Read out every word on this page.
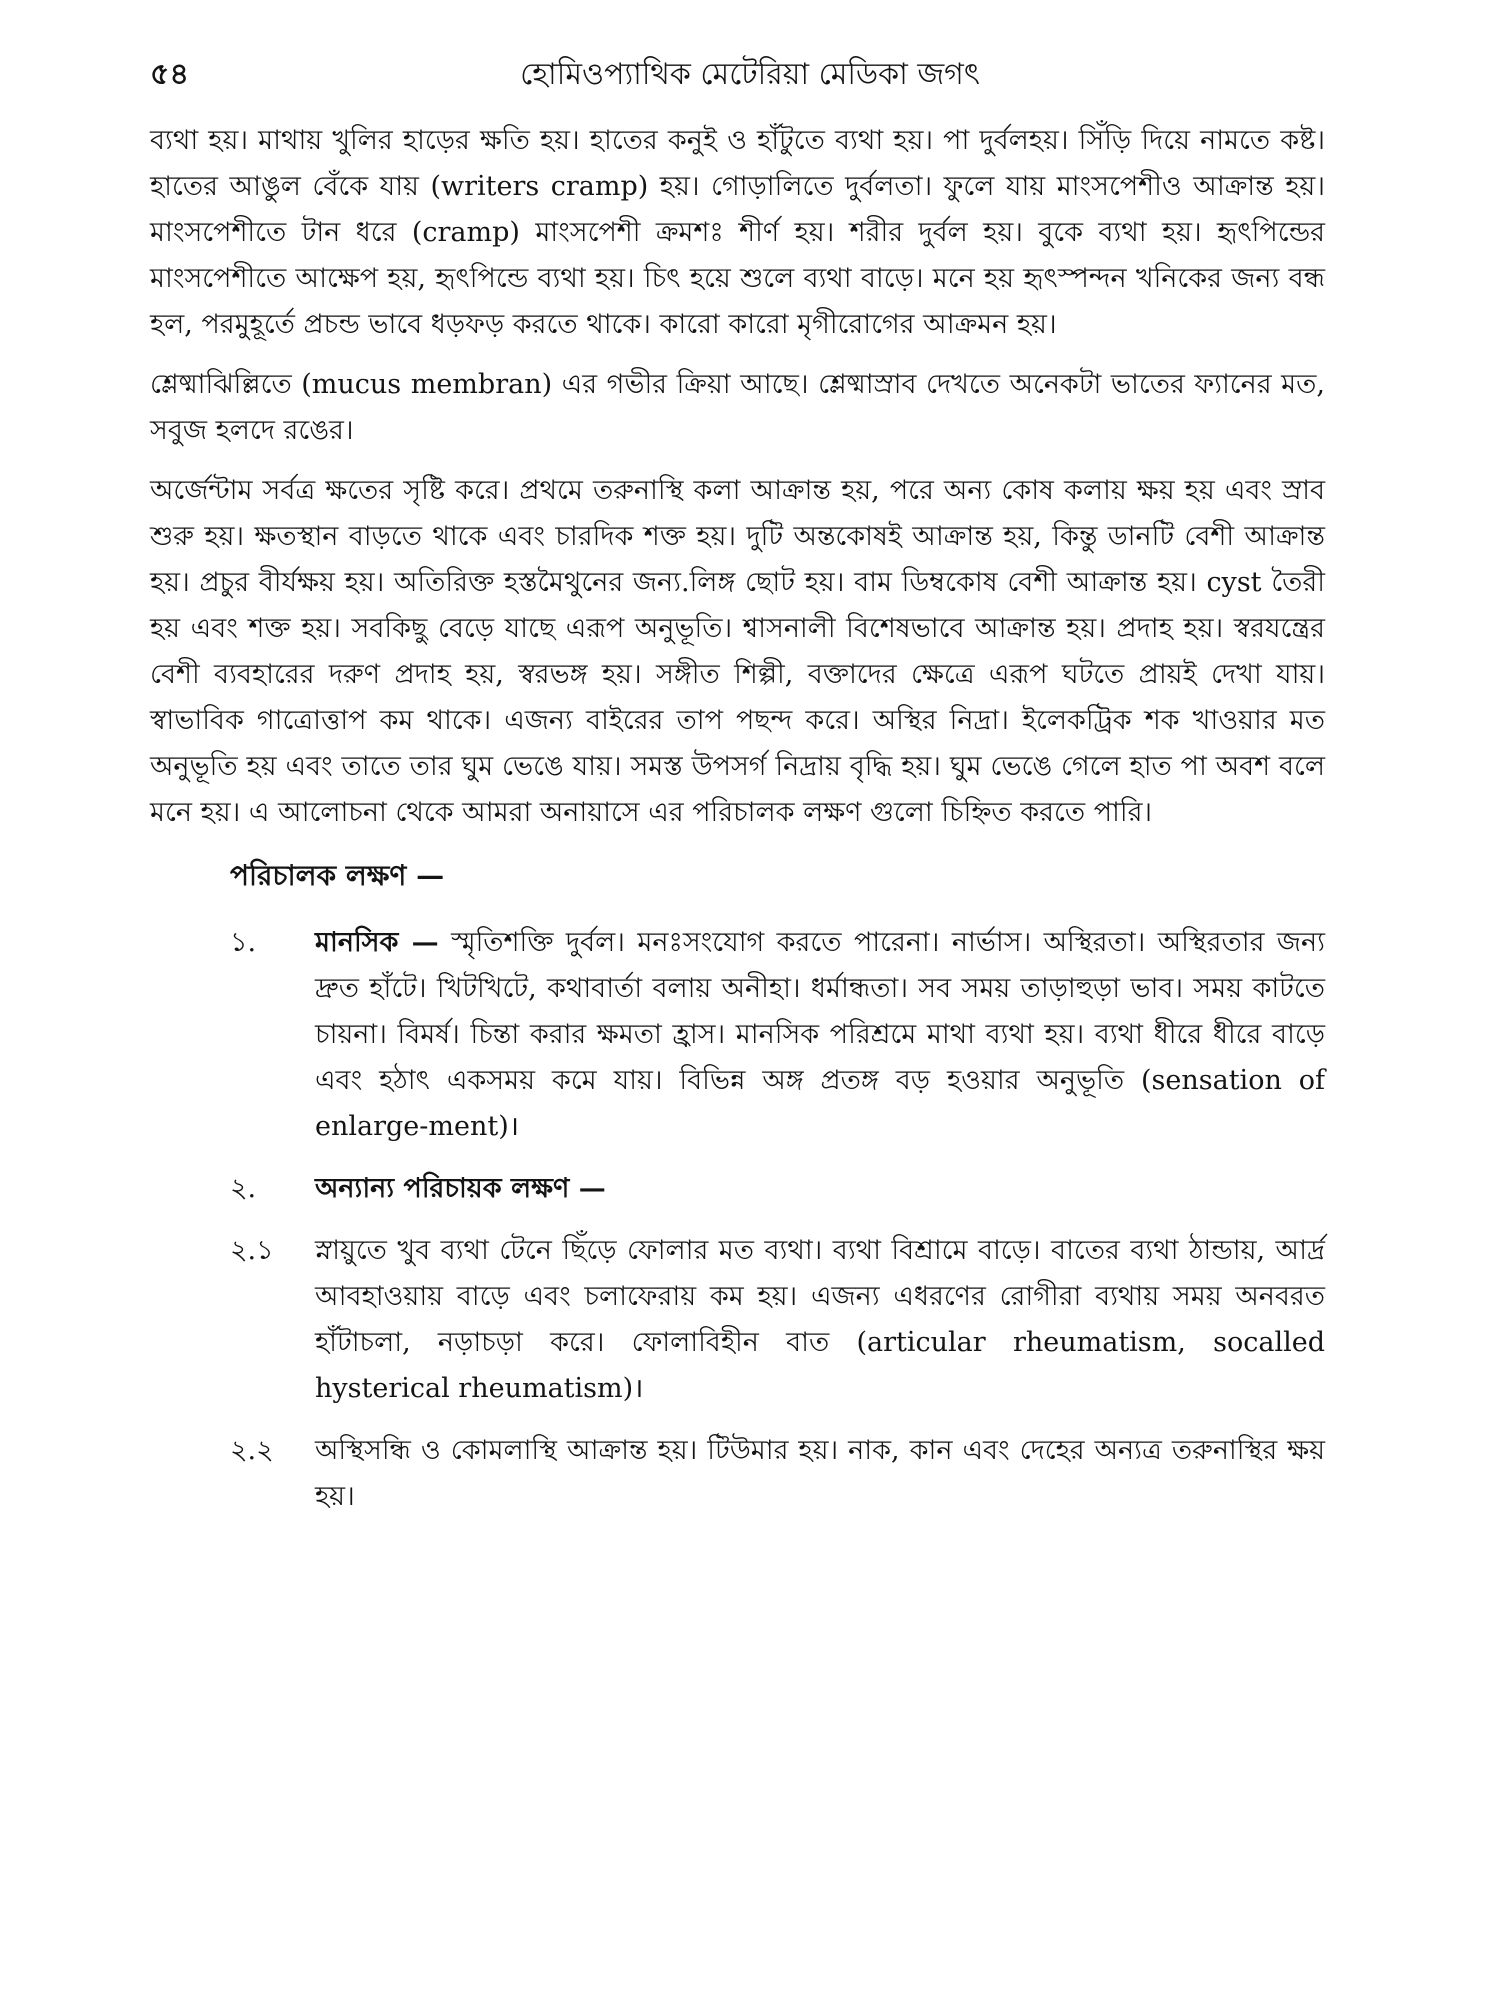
৫৪	হোমিওপ্যাথিক মেটেরিয়া মেডিকা জগৎ

ব্যথা হয়। মাথায় খুলির হাড়ের ক্ষতি হয়। হাতের কনুই ও হাঁটুতে ব্যথা হয়। পা দুর্বলহয়। সিঁড়ি দিয়ে নামতে কষ্ট। হাতের আঙুল বেঁকে যায় (writers cramp) হয়। গোড়ালিতে দুর্বলতা। ফুলে যায় মাংসপেশীও আক্রান্ত হয়। মাংসপেশীতে টান ধরে (cramp) মাংসপেশী ক্রমশঃ শীর্ণ হয়। শরীর দুর্বল হয়। বুকে ব্যথা হয়। হৃৎপিন্ডের মাংসপেশীতে আক্ষেপ হয়, হৃৎপিন্ডে ব্যথা হয়। চিৎ হয়ে শুলে ব্যথা বাড়ে। মনে হয় হৃৎস্পন্দন খনিকের জন্য বন্ধ হল, পরমুহূর্তে প্রচন্ড ভাবে ধড়ফড় করতে থাকে। কারো কারো মৃগীরোগের আক্রমন হয়।

শ্লেষ্মাঝিল্লিতে (mucus membran) এর গভীর ক্রিয়া আছে। শ্লেষ্মাস্রাব দেখতে অনেকটা ভাতের ফ্যানের মত, সবুজ হলদে রঙের।

অর্জেন্টাম সর্বত্র ক্ষতের সৃষ্টি করে। প্রথমে তরুনাস্থি কলা আক্রান্ত হয়, পরে অন্য কোষ কলায় ক্ষয় হয় এবং স্রাব শুরু হয়। ক্ষতস্থান বাড়তে থাকে এবং চারদিক শক্ত হয়। দুটি অন্তকোষই আক্রান্ত হয়, কিন্তু ডানটি বেশী আক্রান্ত হয়। প্রচুর বীর্যক্ষয় হয়। অতিরিক্ত হস্তমৈথুনের জন্য.লিঙ্গ ছোট হয়। বাম ডিম্বকোষ বেশী আক্রান্ত হয়। cyst তৈরী হয় এবং শক্ত হয়। সবকিছু বেড়ে যাছে এরূপ অনুভূতি। শ্বাসনালী বিশেষভাবে আক্রান্ত হয়। প্রদাহ হয়। স্বরযন্ত্রের বেশী ব্যবহারের দরুণ প্রদাহ হয়, স্বরভঙ্গ হয়। সঙ্গীত শিল্পী, বক্তাদের ক্ষেত্রে এরূপ ঘটতে প্রায়ই দেখা যায়। স্বাভাবিক গাত্রোত্তাপ কম থাকে। এজন্য বাইরের তাপ পছন্দ করে। অস্থির নিদ্রা। ইলেকট্রিক শক খাওয়ার মত অনুভূতি হয় এবং তাতে তার ঘুম ভেঙে যায়। সমস্ত উপসর্গ নিদ্রায় বৃদ্ধি হয়। ঘুম ভেঙে গেলে হাত পা অবশ বলে মনে হয়। এ আলোচনা থেকে আমরা অনায়াসে এর পরিচালক লক্ষণ গুলো চিহ্নিত করতে পারি।

পরিচালক লক্ষণ —
১.	মানসিক — স্মৃতিশক্তি দুর্বল। মনঃসংযোগ করতে পারেনা। নার্ভাস। অস্থিরতা। অস্থিরতার জন্য দ্রুত হাঁটে। খিটখিটে, কথাবার্তা বলায় অনীহা। ধর্মান্ধতা। সব সময় তাড়াহুড়া ভাব। সময় কাটতে চায়না। বিমর্ষ। চিন্তা করার ক্ষমতা হ্রাস। মানসিক পরিশ্রমে মাথা ব্যথা হয়। ব্যথা ধীরে ধীরে বাড়ে এবং হঠাৎ একসময় কমে যায়। বিভিন্ন অঙ্গ প্রতঙ্গ বড় হওয়ার অনুভূতি (sensation of enlarge-ment)।
২.	অন্যান্য পরিচায়ক লক্ষণ —
২.১	স্নায়ুতে খুব ব্যথা টেনে ছিঁড়ে ফোলার মত ব্যথা। ব্যথা বিশ্রামে বাড়ে। বাতের ব্যথা ঠান্ডায়, আর্দ্র আবহাওয়ায় বাড়ে এবং চলাফেরায় কম হয়। এজন্য এধরণের রোগীরা ব্যথায় সময় অনবরত হাঁটাচলা, নড়াচড়া করে। ফোলাবিহীন বাত (articular rheumatism, socalled hysterical rheumatism)।
২.২	অস্থিসন্ধি ও কোমলাস্থি আক্রান্ত হয়। টিউমার হয়। নাক, কান এবং দেহের অন্যত্র তরুনাস্থির ক্ষয় হয়।
